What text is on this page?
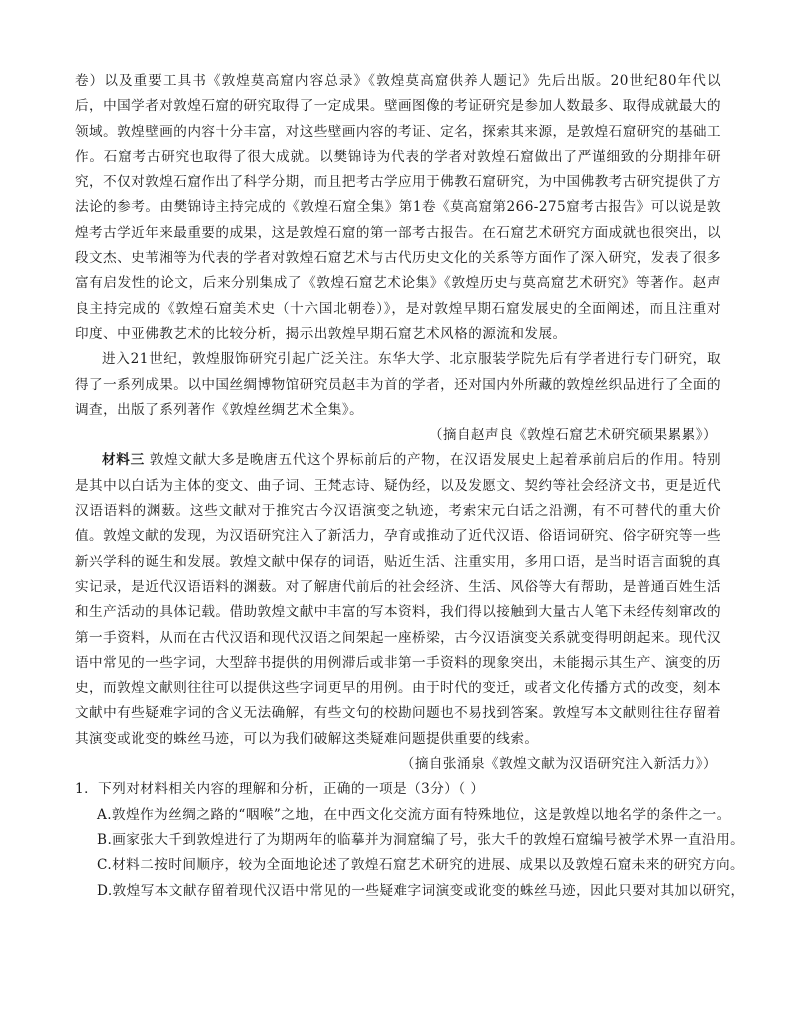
卷）以及重要工具书《敦煌莫高窟内容总录》《敦煌莫高窟供养人题记》先后出版。20世纪80年代以后，中国学者对敦煌石窟的研究取得了一定成果。壁画图像的考证研究是参加人数最多、取得成就最大的领域。敦煌壁画的内容十分丰富，对这些壁画内容的考证、定名，探索其来源，是敦煌石窟研究的基础工作。石窟考古研究也取得了很大成就。以樊锦诗为代表的学者对敦煌石窟做出了严谨细致的分期排年研究，不仅对敦煌石窟作出了科学分期，而且把考古学应用于佛教石窟研究，为中国佛教考古研究提供了方法论的参考。由樊锦诗主持完成的《敦煌石窟全集》第1卷《莫高窟第266-275窟考古报告》可以说是敦煌考古学近年来最重要的成果，这是敦煌石窟的第一部考古报告。在石窟艺术研究方面成就也很突出，以段文杰、史苇湘等为代表的学者对敦煌石窟艺术与古代历史文化的关系等方面作了深入研究，发表了很多富有启发性的论文，后来分别集成了《敦煌石窟艺术论集》《敦煌历史与莫高窟艺术研究》等著作。赵声良主持完成的《敦煌石窟美术史（十六国北朝卷）》，是对敦煌早期石窟发展史的全面阐述，而且注重对印度、中亚佛教艺术的比较分析，揭示出敦煌早期石窟艺术风格的源流和发展。

进入21世纪，敦煌服饰研究引起广泛关注。东华大学、北京服装学院先后有学者进行专门研究，取得了一系列成果。以中国丝绸博物馆研究员赵丰为首的学者，还对国内外所藏的敦煌丝织品进行了全面的调查，出版了系列著作《敦煌丝绸艺术全集》。

（摘自赵声良《敦煌石窟艺术研究硕果累累》）

材料三 敦煌文献大多是晚唐五代这个界标前后的产物，在汉语发展史上起着承前启后的作用。特别是其中以白话为主体的变文、曲子词、王梵志诗、疑伪经，以及发愿文、契约等社会经济文书，更是近代汉语语料的渊薮。这些文献对于推究古今汉语演变之轨迹，考索宋元白话之沿溯，有不可替代的重大价值。敦煌文献的发现，为汉语研究注入了新活力，孕育或推动了近代汉语、俗语词研究、俗字研究等一些新兴学科的诞生和发展。敦煌文献中保存的词语，贴近生活、注重实用，多用口语，是当时语言面貌的真实记录，是近代汉语语料的渊薮。对了解唐代前后的社会经济、生活、风俗等大有帮助，是普通百姓生活和生产活动的具体记载。借助敦煌文献中丰富的写本资料，我们得以接触到大量古人笔下未经传刻窜改的第一手资料，从而在古代汉语和现代汉语之间架起一座桥梁，古今汉语演变关系就变得明朗起来。现代汉语中常见的一些字词，大型辞书提供的用例滞后或非第一手资料的现象突出，未能揭示其生产、演变的历史，而敦煌文献则往往可以提供这些字词更早的用例。由于时代的变迁，或者文化传播方式的改变，刻本文献中有些疑难字词的含义无法确解，有些文句的校勘问题也不易找到答案。敦煌写本文献则往往存留着其演变或讹变的蛛丝马迹，可以为我们破解这类疑难问题提供重要的线索。

（摘自张涌泉《敦煌文献为汉语研究注入新活力》）

1．下列对材料相关内容的理解和分析，正确的一项是（3分）（ ）

A.敦煌作为丝绸之路的“咽喉”之地，在中西文化交流方面有特殊地位，这是敦煌以地名学的条件之一。

B.画家张大千到敦煌进行了为期两年的临摹并为洞窟编了号，张大千的敦煌石窟编号被学术界一直沿用。

C.材料二按时间顺序，较为全面地论述了敦煌石窟艺术研究的进展、成果以及敦煌石窟未来的研究方向。

D.敦煌写本文献存留着现代汉语中常见的一些疑难字词演变或讹变的蛛丝马迹，因此只要对其加以研究，
